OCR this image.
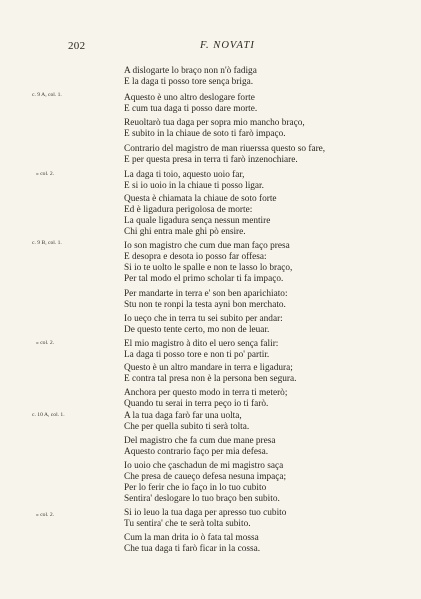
202	F. NOVATI
c. 9 A, col. 1.
» col. 2.
c. 9 B, col. 1.
» col. 2.
c. 10 A, col. 1.
» col. 2.
A dislogarte lo braço non n'ò fadiga
E la daga ti posso tore sença briga.
Aquesto è uno altro deslogare forte
E cum tua daga ti posso dare morte.
Reuoltarò tua daga per sopra mio mancho braço,
E subito in la chiaue de soto ti farò impaço.
Contrario del magistro de man riuerssa questo so fare,
E per questa presa in terra ti farò inzenochiare.
La daga ti toio, aquesto uoio far,
E si io uoio in la chiaue ti posso ligar.
Questa è chiamata la chiaue de soto forte
Ed è ligadura perigolosa de morte:
La quale ligadura sença nessun mentire
Chi ghi entra male ghi pò ensire.
Io son magistro che cum due man faço presa
E desopra e desota io posso far offesa:
Si io te uolto le spalle e non te lasso lo braço,
Per tal modo el primo scholar ti fa impaço.
Per mandarte in terra e' son ben aparichiato:
Stu non te ronpi la testa ayni bon merchato.
Io ueço che in terra tu sei subito per andar:
De questo tente certo, mo non de leuar.
El mio magistro à dito el uero sença falir:
La daga ti posso tore e non ti po' partir.
Questo è un altro mandare in terra e ligadura;
E contra tal presa non è la persona ben segura.
Anchora per questo modo in terra ti meterò;
Quando tu serai in terra peço io ti farò.
A la tua daga farò far una uolta,
Che per quella subito ti serà tolta.
Del magistro che fa cum due mane presa
Aquesto contrario faço per mia defesa.
Io uoio che çaschadun de mi magistro saça
Che presa de caueço defesa nesuna impaça;
Per lo ferir che io faço in lo tuo cubito
Sentira' deslogare lo tuo braço ben subito.
Si io leuo la tua daga per apresso tuo cubito
Tu sentira' che te serà tolta subito.
Cum la man drita io ò fata tal mossa
Che tua daga ti farò ficar in la cossa.
